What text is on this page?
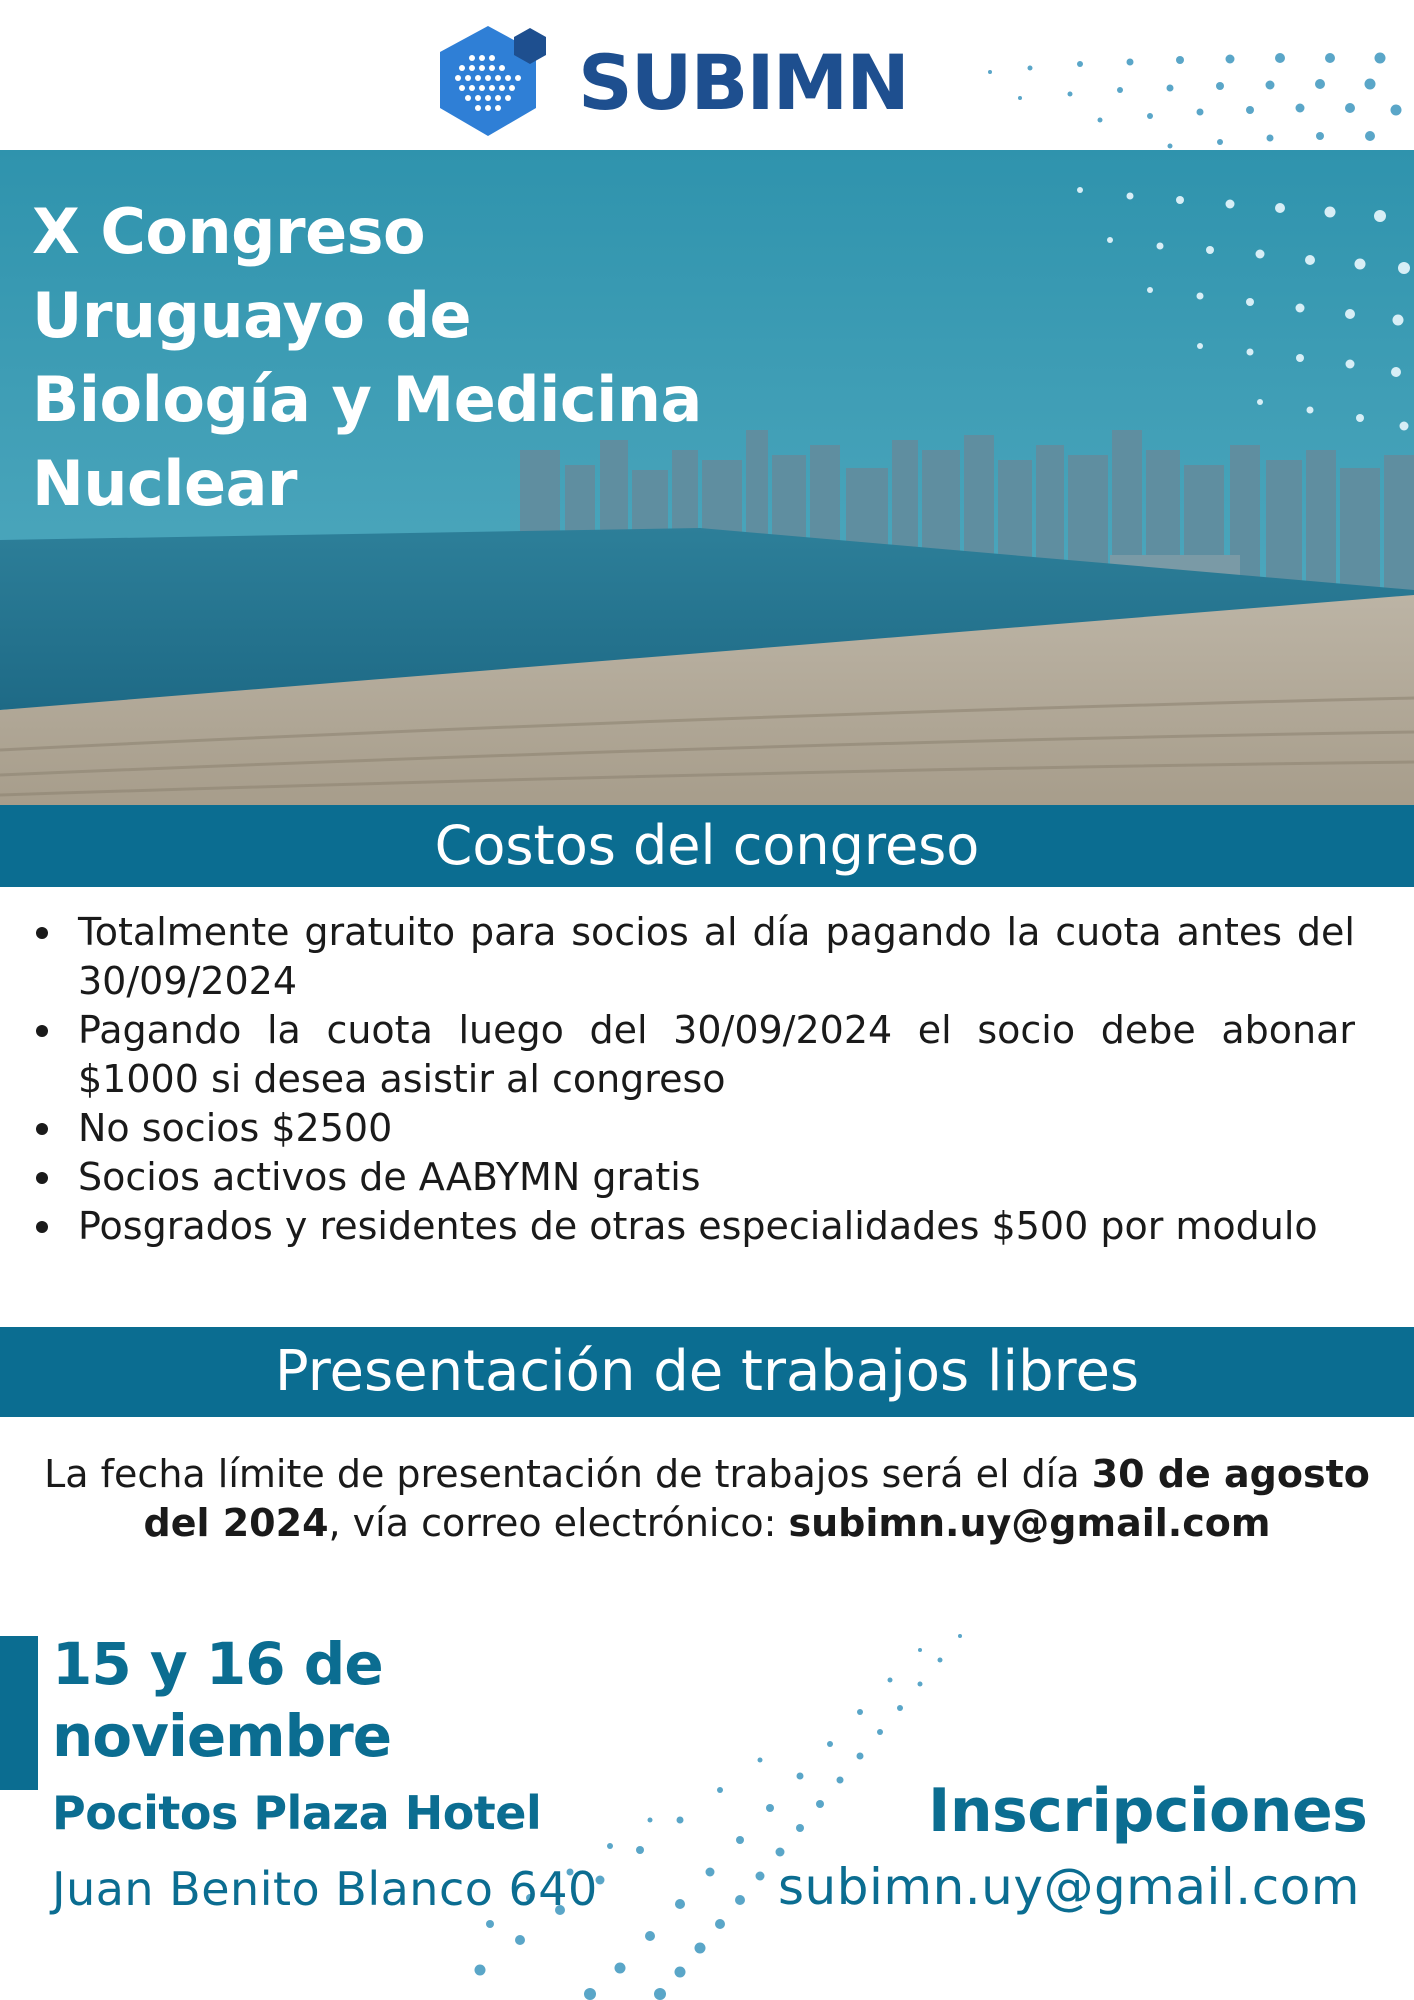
SUBIMN
X Congreso
Uruguayo de
Biología y Medicina
Nuclear
Costos del congreso
Totalmente gratuito para socios al día pagando la cuota antes del 30/09/2024
Pagando la cuota luego del 30/09/2024 el socio debe abonar $1000 si desea asistir al congreso
No socios $2500
Socios activos de AABYMN gratis
Posgrados y residentes de otras especialidades $500 por modulo
Presentación de trabajos libres

La fecha límite de presentación de trabajos será el día 30 de agosto del 2024, vía correo electrónico: subimn.uy@gmail.com

15 y 16 de
noviembre
Pocitos Plaza Hotel
Juan Benito Blanco 640
Inscripciones
subimn.uy@gmail.com
